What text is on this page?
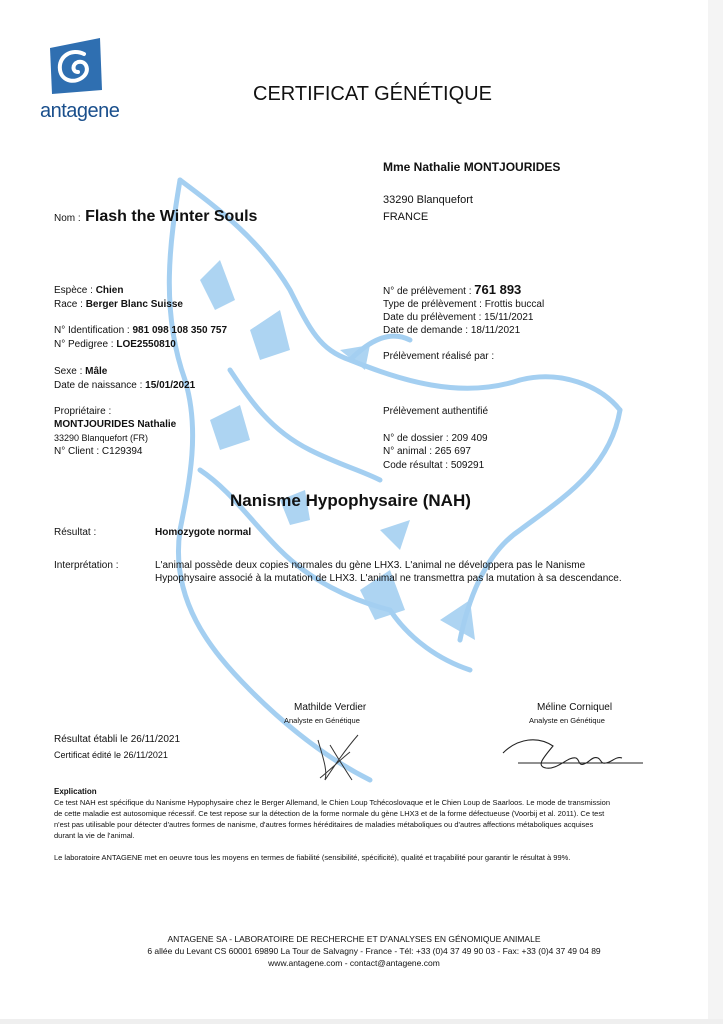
antagene
CERTIFICAT GÉNÉTIQUE
Mme Nathalie MONTJOURIDES
33290 Blanquefort
FRANCE
Nom : Flash the Winter Souls
Espèce : Chien
Race : Berger Blanc Suisse
N° Identification : 981 098 108 350 757
N° Pedigree : LOE2550810
Sexe : Mâle
Date de naissance : 15/01/2021
Propriétaire :
MONTJOURIDES Nathalie
33290 Blanquefort (FR)
N° Client : C129394
N° de prélèvement : 761 893
Type de prélèvement : Frottis buccal
Date du prélèvement : 15/11/2021
Date de demande : 18/11/2021
Prélèvement réalisé par :
Prélèvement authentifié
N° de dossier : 209 409
N° animal : 265 697
Code résultat : 509291
Nanisme Hypophysaire (NAH)
Résultat :	Homozygote normal
Interprétation :	L'animal possède deux copies normales du gène LHX3. L'animal ne développera pas le Nanisme
Hypophysaire associé à la mutation de LHX3. L'animal ne transmettra pas la mutation à sa descendance.
Mathilde Verdier
Analyste en Génétique
Méline Corniquel
Analyste en Génétique
Résultat établi le 26/11/2021
Certificat édité le 26/11/2021
Explication
Ce test NAH est spécifique du Nanisme Hypophysaire chez le Berger Allemand, le Chien Loup Tchécoslovaque et le Chien Loup de Saarloos. Le mode de transmission
de cette maladie est autosomique récessif. Ce test repose sur la détection de la forme normale du gène LHX3 et de la forme défectueuse (Voorbij et al. 2011). Ce test
n'est pas utilisable pour détecter d'autres formes de nanisme, d'autres formes héréditaires de maladies métaboliques ou d'autres affections métaboliques acquises
durant la vie de l'animal.
Le laboratoire ANTAGENE met en oeuvre tous les moyens en termes de fiabilité (sensibilité, spécificité), qualité et traçabilité pour garantir le résultat à 99%.
ANTAGENE SA - LABORATOIRE DE RECHERCHE ET D'ANALYSES EN GÉNOMIQUE ANIMALE
6 allée du Levant CS 60001 69890 La Tour de Salvagny - France - Tél: +33 (0)4 37 49 90 03 - Fax: +33 (0)4 37 49 04 89
www.antagene.com - contact@antagene.com
